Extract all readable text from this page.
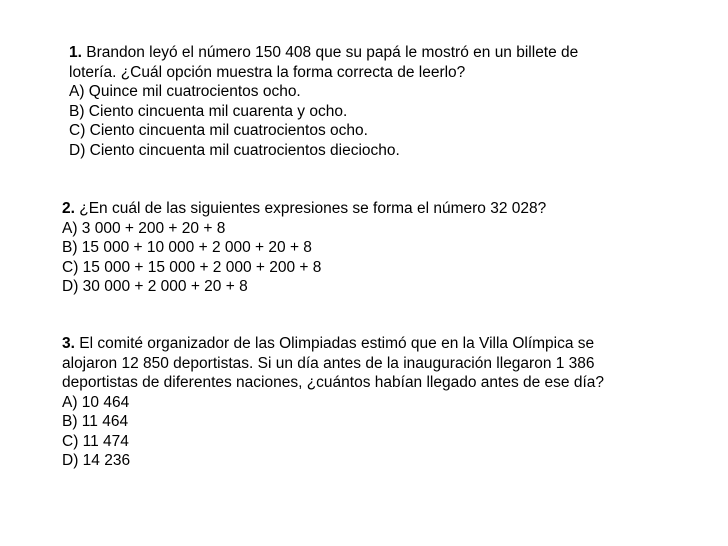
1. Brandon leyó el número 150 408 que su papá le mostró en un billete de
lotería. ¿Cuál opción muestra la forma correcta de leerlo?
A) Quince mil cuatrocientos ocho.
B) Ciento cincuenta mil cuarenta y ocho.
C) Ciento cincuenta mil cuatrocientos ocho.
D) Ciento cincuenta mil cuatrocientos dieciocho.
2. ¿En cuál de las siguientes expresiones se forma el número 32 028?
A) 3 000 + 200 + 20 + 8
B) 15 000 + 10 000 + 2 000 + 20 + 8
C) 15 000 + 15 000 + 2 000 + 200 + 8
D) 30 000 + 2 000 + 20 + 8
3. El comité organizador de las Olimpiadas estimó que en la Villa Olímpica se
alojaron 12 850 deportistas. Si un día antes de la inauguración llegaron 1 386
deportistas de diferentes naciones, ¿cuántos habían llegado antes de ese día?
A) 10 464
B) 11 464
C) 11 474
D) 14 236
